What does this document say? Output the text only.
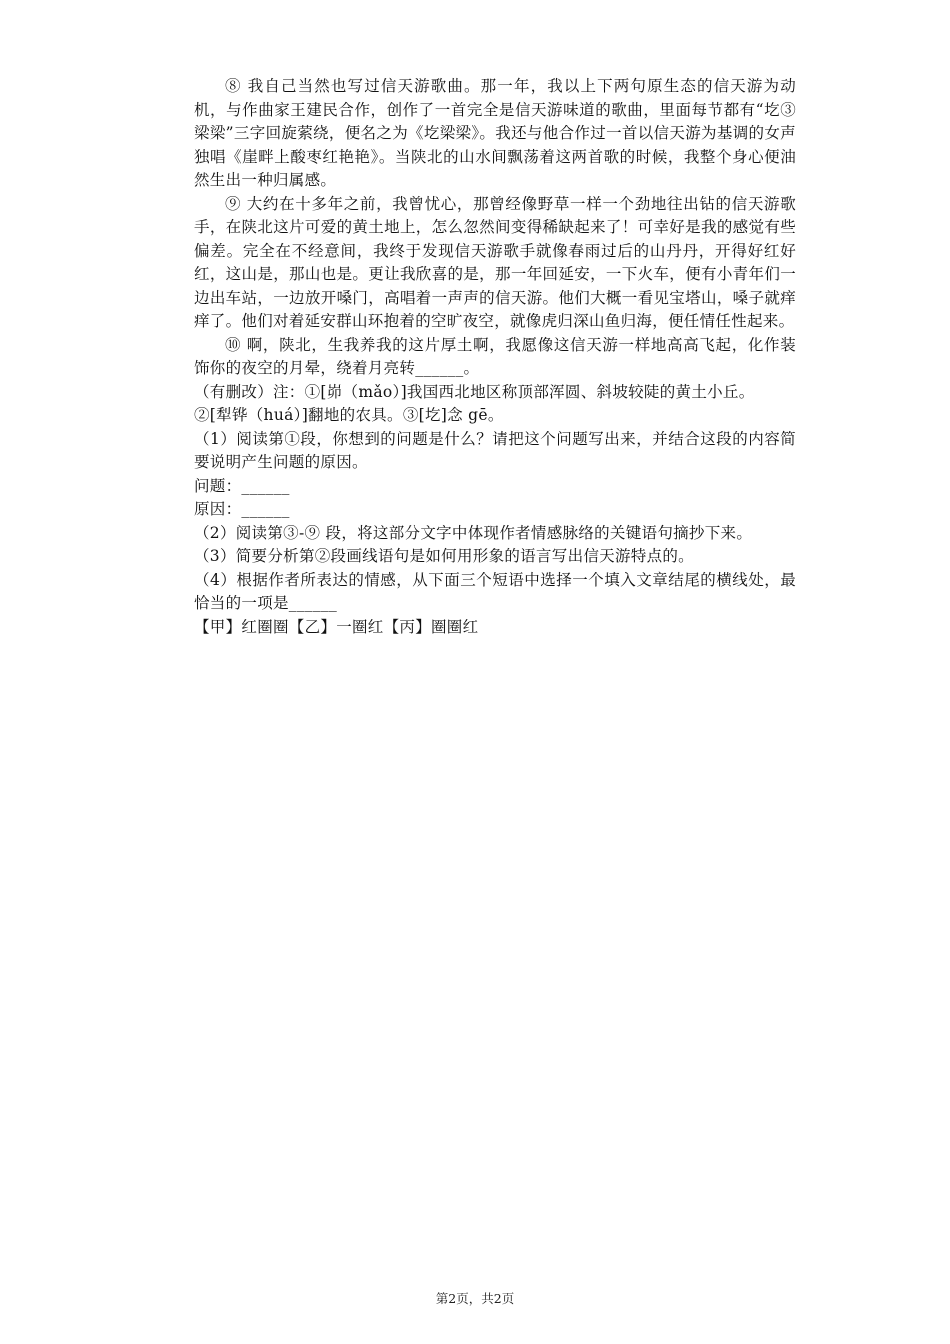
⑧ 我自己当然也写过信天游歌曲。那一年，我以上下两句原生态的信天游为动机，与作曲家王建民合作，创作了一首完全是信天游味道的歌曲，里面每节都有“圪③梁梁”三字回旋萦绕，便名之为《圪梁梁》。我还与他合作过一首以信天游为基调的女声独唱《崖畔上酸枣红艳艳》。当陕北的山水间飘荡着这两首歌的时候，我整个身心便油然生出一种归属感。

⑨ 大约在十多年之前，我曾忧心，那曾经像野草一样一个劲地往出钻的信天游歌手，在陕北这片可爱的黄土地上，怎么忽然间变得稀缺起来了！可幸好是我的感觉有些偏差。完全在不经意间，我终于发现信天游歌手就像春雨过后的山丹丹，开得好红好红，这山是，那山也是。更让我欣喜的是，那一年回延安，一下火车，便有小青年们一边出车站，一边放开嗓门，高唱着一声声的信天游。他们大概一看见宝塔山，嗓子就痒痒了。他们对着延安群山环抱着的空旷夜空，就像虎归深山鱼归海，便任情任性起来。

⑩ 啊，陕北，生我养我的这片厚土啊，我愿像这信天游一样地高高飞起，化作装饰你的夜空的月晕，绕着月亮转______。

（有删改）注：①[峁（mǎo）]我国西北地区称顶部浑圆、斜坡较陡的黄土小丘。

②[犁铧（huá）]翻地的农具。③[圪]念 gē。

（1）阅读第①段，你想到的问题是什么？请把这个问题写出来，并结合这段的内容简要说明产生问题的原因。

问题：______

原因：______

（2）阅读第③-⑨ 段，将这部分文字中体现作者情感脉络的关键语句摘抄下来。

（3）简要分析第②段画线语句是如何用形象的语言写出信天游特点的。

（4）根据作者所表达的情感，从下面三个短语中选择一个填入文章结尾的横线处，最恰当的一项是______

【甲】红圈圈【乙】一圈红【丙】圈圈红

第2页，共2页
